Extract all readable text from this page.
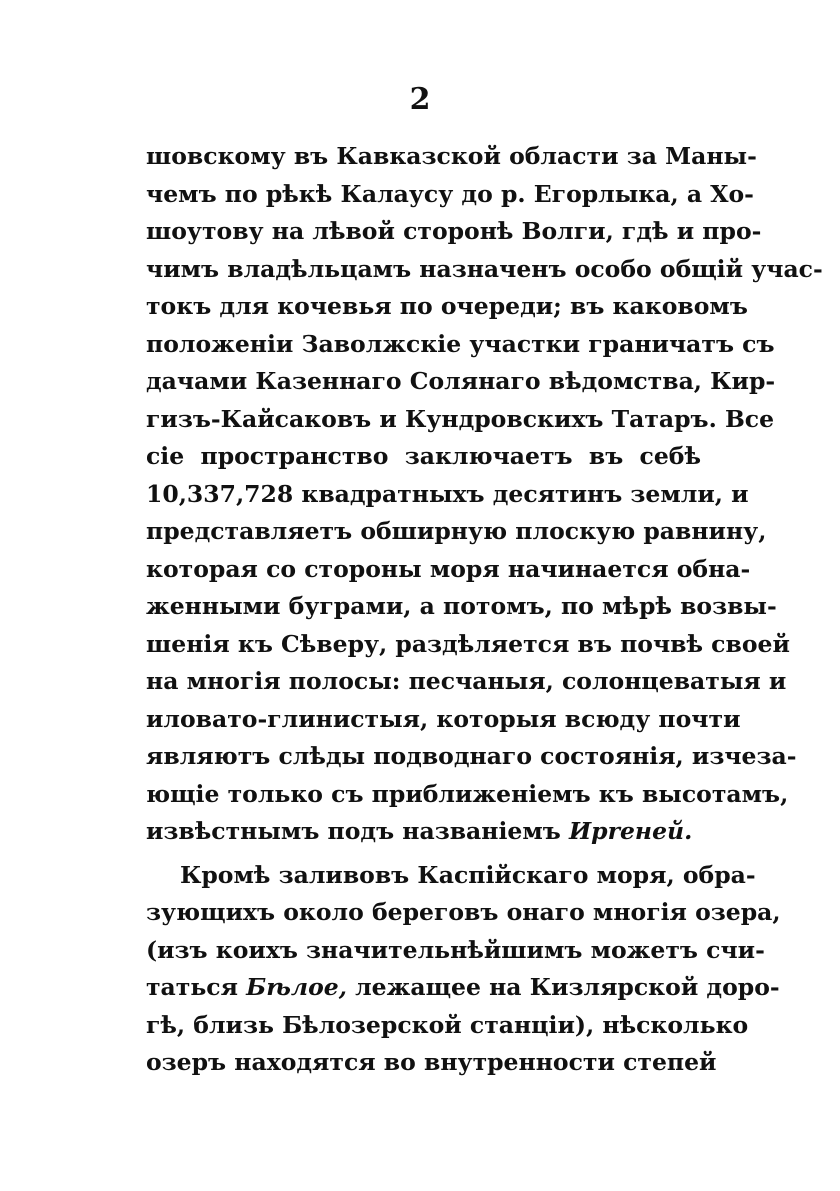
2
шовскому въ Кавказской области за Маны-
чемъ по рѣкѣ Калаусу до р. Егорлыка, а Хо-
шоутову на лѣвой сторонѣ Волги, гдѣ и про-
чимъ владѣльцамъ назначенъ особо общій учас-
токъ для кочевья по очереди; въ каковомъ
положеніи Заволжскіе участки граничатъ съ
дачами Казеннаго Солянаго вѣдомства, Кир-
гизъ-Кайсаковъ и Кундровскихъ Татаръ. Все
сіе пространство заключаетъ въ себѣ
10,337,728 квадратныхъ десятинъ земли, и
представляетъ обширную плоскую равнину,
которая со стороны моря начинается обна-
женными буграми, а потомъ, по мѣрѣ возвы-
шенія къ Сѣверу, раздѣляется въ почвѣ своей
на многія полосы: песчаныя, солонцеватыя и
иловато-глинистыя, которыя всюду почти
являютъ слѣды подводнаго состоянія, изчеза-
ющіе только съ приближеніемъ къ высотамъ,
извѣстнымъ подъ названіемъ Ирrеней.
Кромѣ заливовъ Каспійскаго моря, обра-
зующихъ около береговъ онаго многія озера,
(изъ коихъ значительнѣйшимъ можетъ счи-
таться Бѣлое, лежащее на Кизлярской доро-
гѣ, близь Бѣлозерской станціи), нѣсколько
озеръ находятся во внутренности степей
